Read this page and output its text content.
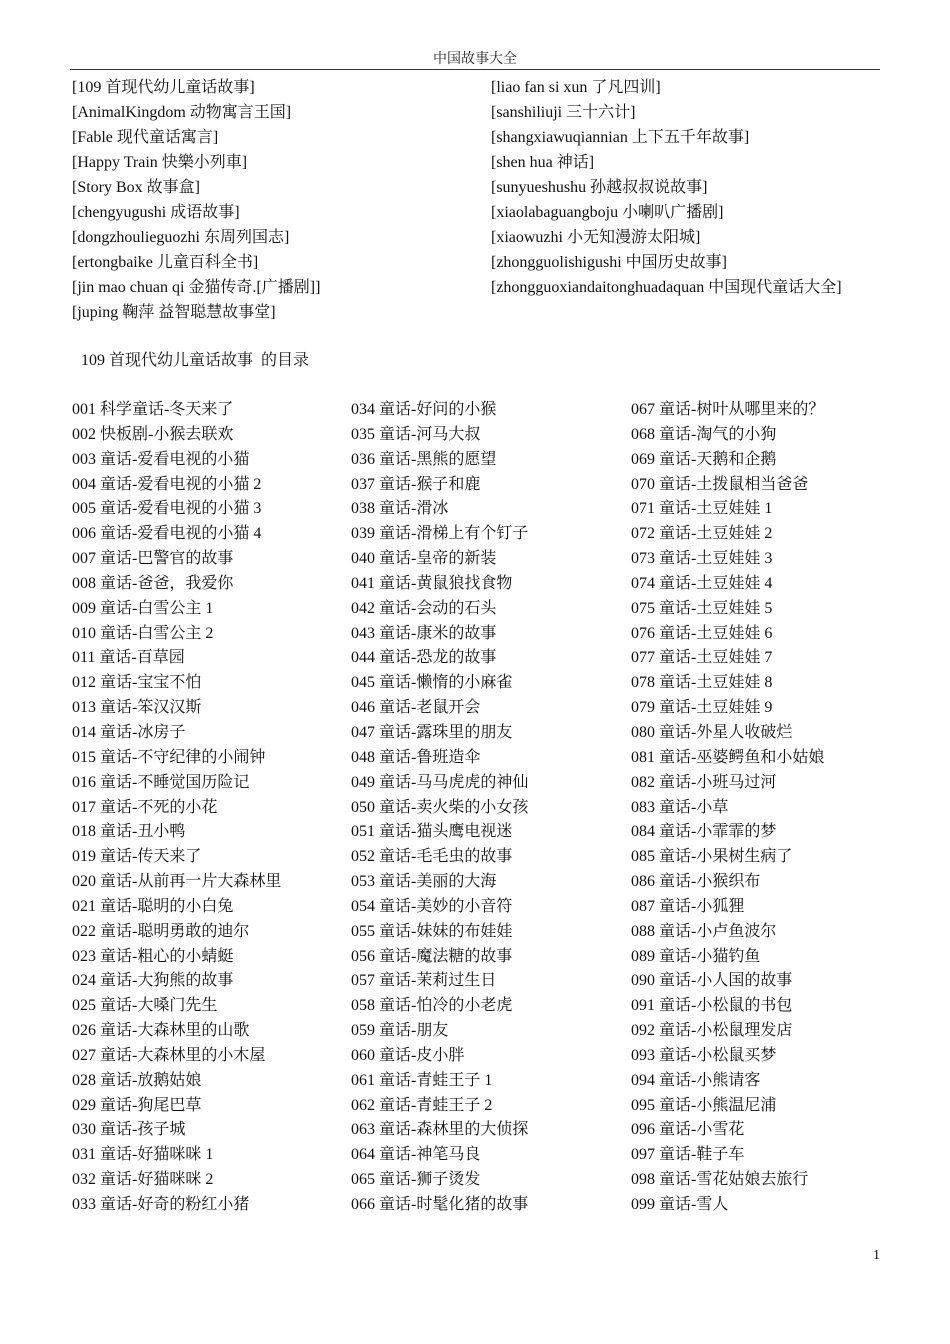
中国故事大全
[109 首现代幼儿童话故事]
[AnimalKingdom 动物寓言王国]
[Fable 现代童话寓言]
[Happy Train 快樂小列車]
[Story Box 故事盒]
[chengyugushi 成语故事]
[dongzhoulieguozhi 东周列国志]
[ertongbaike 儿童百科全书]
[jin mao chuan qi 金猫传奇.[广播剧]]
[juping 鞠萍 益智聪慧故事堂]
[liao fan si xun 了凡四训]
[sanshiliuji 三十六计]
[shangxiawuqiannian 上下五千年故事]
[shen hua 神话]
[sunyueshushu 孙越叔叔说故事]
[xiaolabaguangboju 小喇叭广播剧]
[xiaowuzhi 小无知漫游太阳城]
[zhongguolishigushi 中国历史故事]
[zhongguoxiandaitonghuadaquan 中国现代童话大全]
109 首现代幼儿童话故事  的目录
001 科学童话-冬天来了
002 快板剧-小猴去联欢
003 童话-爱看电视的小猫
004 童话-爱看电视的小猫 2
005 童话-爱看电视的小猫 3
006 童话-爱看电视的小猫 4
007 童话-巴警官的故事
008 童话-爸爸，我爱你
009 童话-白雪公主 1
010 童话-白雪公主 2
011 童话-百草园
012 童话-宝宝不怕
013 童话-笨汉汉斯
014 童话-冰房子
015 童话-不守纪律的小闹钟
016 童话-不睡觉国历险记
017 童话-不死的小花
018 童话-丑小鸭
019 童话-传天来了
020 童话-从前再一片大森林里
021 童话-聪明的小白兔
022 童话-聪明勇敢的迪尔
023 童话-粗心的小蜻蜓
024 童话-大狗熊的故事
025 童话-大嗓门先生
026 童话-大森林里的山歌
027 童话-大森林里的小木屋
028 童话-放鹅姑娘
029 童话-狗尾巴草
030 童话-孩子城
031 童话-好猫咪咪 1
032 童话-好猫咪咪 2
033 童话-好奇的粉红小猪
034 童话-好问的小猴
035 童话-河马大叔
036 童话-黑熊的愿望
037 童话-猴子和鹿
038 童话-滑冰
039 童话-滑梯上有个钉子
040 童话-皇帝的新装
041 童话-黄鼠狼找食物
042 童话-会动的石头
043 童话-康米的故事
044 童话-恐龙的故事
045 童话-懒惰的小麻雀
046 童话-老鼠开会
047 童话-露珠里的朋友
048 童话-鲁班造伞
049 童话-马马虎虎的神仙
050 童话-卖火柴的小女孩
051 童话-猫头鹰电视迷
052 童话-毛毛虫的故事
053 童话-美丽的大海
054 童话-美妙的小音符
055 童话-妹妹的布娃娃
056 童话-魔法糖的故事
057 童话-茉莉过生日
058 童话-怕冷的小老虎
059 童话-朋友
060 童话-皮小胖
061 童话-青蛙王子 1
062 童话-青蛙王子 2
063 童话-森林里的大侦探
064 童话-神笔马良
065 童话-狮子烫发
066 童话-时髦化猪的故事
067 童话-树叶从哪里来的？
068 童话-淘气的小狗
069 童话-天鹅和企鹅
070 童话-土拨鼠相当爸爸
071 童话-土豆娃娃 1
072 童话-土豆娃娃 2
073 童话-土豆娃娃 3
074 童话-土豆娃娃 4
075 童话-土豆娃娃 5
076 童话-土豆娃娃 6
077 童话-土豆娃娃 7
078 童话-土豆娃娃 8
079 童话-土豆娃娃 9
080 童话-外星人收破烂
081 童话-巫婆鳄鱼和小姑娘
082 童话-小班马过河
083 童话-小草
084 童话-小霏霏的梦
085 童话-小果树生病了
086 童话-小猴织布
087 童话-小狐狸
088 童话-小卢鱼波尔
089 童话-小猫钓鱼
090 童话-小人国的故事
091 童话-小松鼠的书包
092 童话-小松鼠理发店
093 童话-小松鼠买梦
094 童话-小熊请客
095 童话-小熊温尼浦
096 童话-小雪花
097 童话-鞋子车
098 童话-雪花姑娘去旅行
099 童话-雪人
1
